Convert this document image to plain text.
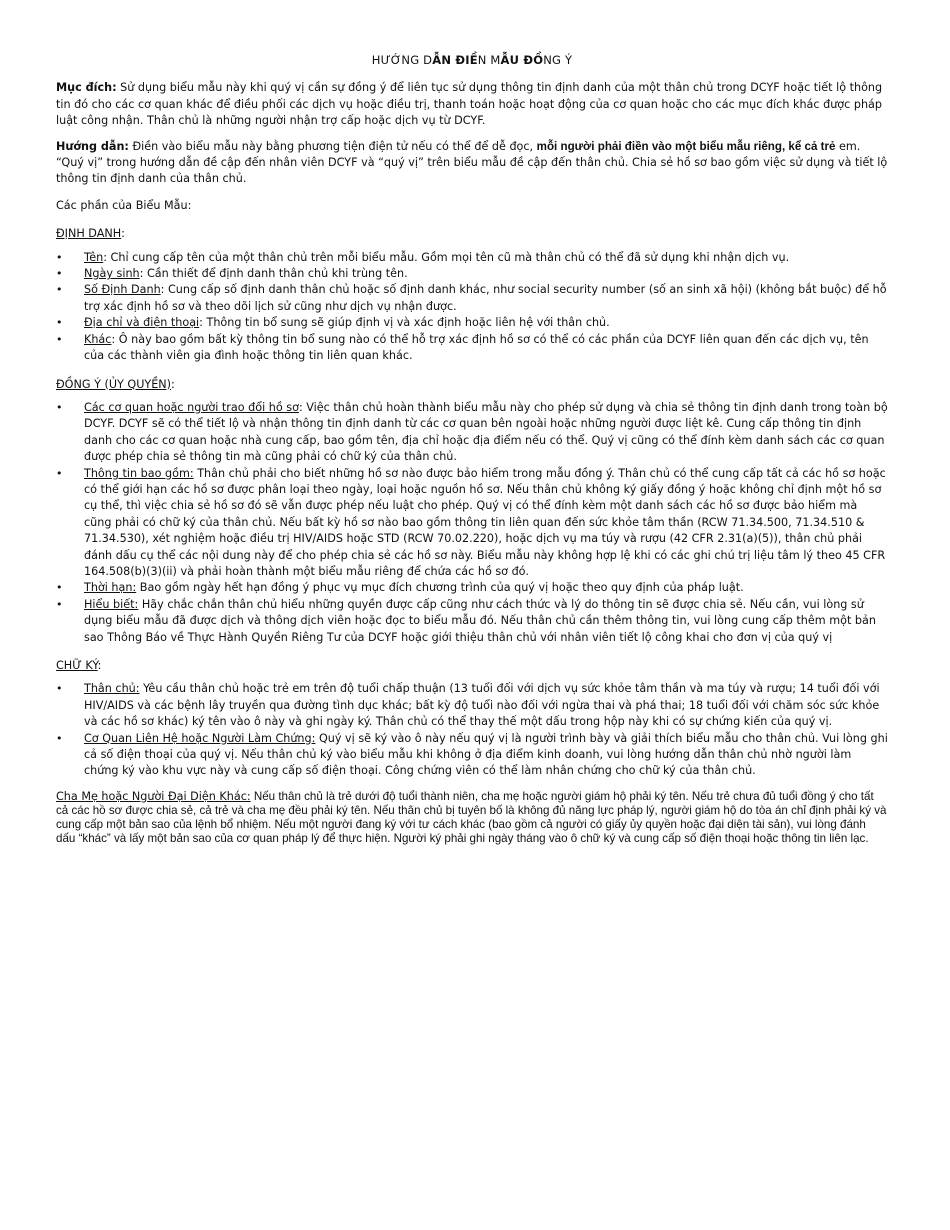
HƯỚNG DẪN ĐIỀN MẪU ĐỒNG Ý

Mục đích: Sử dụng biểu mẫu này khi quý vị cần sự đồng ý để liên tục sử dụng thông tin định danh của một thân chủ trong DCYF hoặc tiết lộ thông tin đó cho các cơ quan khác để điều phối các dịch vụ hoặc điều trị, thanh toán hoặc hoạt động của cơ quan hoặc cho các mục đích khác được pháp luật công nhận. Thân chủ là những người nhận trợ cấp hoặc dịch vụ từ DCYF.

Hướng dẫn: Điền vào biểu mẫu này bằng phương tiện điện tử nếu có thể để dễ đọc, mỗi người phải điền vào một biểu mẫu riêng, kể cả trẻ em. “Quý vị” trong hướng dẫn đề cập đến nhân viên DCYF và “quý vị” trên biểu mẫu đề cập đến thân chủ. Chia sẻ hồ sơ bao gồm việc sử dụng và tiết lộ thông tin định danh của thân chủ.

Các phần của Biểu Mẫu:

ĐỊNH DANH:
• Tên: Chỉ cung cấp tên của một thân chủ trên mỗi biểu mẫu. Gồm mọi tên cũ mà thân chủ có thể đã sử dụng khi nhận dịch vụ.
• Ngày sinh: Cần thiết để định danh thân chủ khi trùng tên.
• Số Định Danh: Cung cấp số định danh thân chủ hoặc số định danh khác, như social security number (số an sinh xã hội) (không bắt buộc) để hỗ trợ xác định hồ sơ và theo dõi lịch sử cũng như dịch vụ nhận được.
• Địa chỉ và điện thoại: Thông tin bổ sung sẽ giúp định vị và xác định hoặc liên hệ với thân chủ.
• Khác: Ô này bao gồm bất kỳ thông tin bổ sung nào có thể hỗ trợ xác định hồ sơ có thể có các phần của DCYF liên quan đến các dịch vụ, tên của các thành viên gia đình hoặc thông tin liên quan khác.
ĐỒNG Ý (ỦY QUYỀN):
• Các cơ quan hoặc người trao đổi hồ sơ: Việc thân chủ hoàn thành biểu mẫu này cho phép sử dụng và chia sẻ thông tin định danh trong toàn bộ DCYF. DCYF sẽ có thể tiết lộ và nhận thông tin định danh từ các cơ quan bên ngoài hoặc những người được liệt kê. Cung cấp thông tin định danh cho các cơ quan hoặc nhà cung cấp, bao gồm tên, địa chỉ hoặc địa điểm nếu có thể. Quý vị cũng có thể đính kèm danh sách các cơ quan được phép chia sẻ thông tin mà cũng phải có chữ ký của thân chủ.
• Thông tin bao gồm: Thân chủ phải cho biết những hồ sơ nào được bảo hiểm trong mẫu đồng ý. Thân chủ có thể cung cấp tất cả các hồ sơ hoặc có thể giới hạn các hồ sơ được phân loại theo ngày, loại hoặc nguồn hồ sơ. Nếu thân chủ không ký giấy đồng ý hoặc không chỉ định một hồ sơ cụ thể, thì việc chia sẻ hồ sơ đó sẽ vẫn được phép nếu luật cho phép. Quý vị có thể đính kèm một danh sách các hồ sơ được bảo hiểm mà cũng phải có chữ ký của thân chủ. Nếu bất kỳ hồ sơ nào bao gồm thông tin liên quan đến sức khỏe tâm thần (RCW 71.34.500, 71.34.510 & 71.34.530), xét nghiệm hoặc điều trị HIV/AIDS hoặc STD (RCW 70.02.220), hoặc dịch vụ ma túy và rượu (42 CFR 2.31(a)(5)), thân chủ phải đánh dấu cụ thể các nội dung này để cho phép chia sẻ các hồ sơ này. Biểu mẫu này không hợp lệ khi có các ghi chú trị liệu tâm lý theo 45 CFR 164.508(b)(3)(ii) và phải hoàn thành một biểu mẫu riêng để chứa các hồ sơ đó.
• Thời hạn: Bao gồm ngày hết hạn đồng ý phục vụ mục đích chương trình của quý vị hoặc theo quy định của pháp luật.
• Hiểu biết: Hãy chắc chắn thân chủ hiểu những quyền được cấp cũng như cách thức và lý do thông tin sẽ được chia sẻ. Nếu cần, vui lòng sử dụng biểu mẫu đã được dịch và thông dịch viên hoặc đọc to biểu mẫu đó. Nếu thân chủ cần thêm thông tin, vui lòng cung cấp thêm một bản sao Thông Báo về Thực Hành Quyền Riêng Tư của DCYF hoặc giới thiệu thân chủ với nhân viên tiết lộ công khai cho đơn vị của quý vị
CHỮ KÝ:
• Thân chủ: Yêu cầu thân chủ hoặc trẻ em trên độ tuổi chấp thuận (13 tuổi đối với dịch vụ sức khỏe tâm thần và ma túy và rượu; 14 tuổi đối với HIV/AIDS và các bệnh lây truyền qua đường tình dục khác; bất kỳ độ tuổi nào đối với ngừa thai và phá thai; 18 tuổi đối với chăm sóc sức khỏe và các hồ sơ khác) ký tên vào ô này và ghi ngày ký. Thân chủ có thể thay thế một dấu trong hộp này khi có sự chứng kiến của quý vị.
• Cơ Quan Liên Hệ hoặc Người Làm Chứng: Quý vị sẽ ký vào ô này nếu quý vị là người trình bày và giải thích biểu mẫu cho thân chủ. Vui lòng ghi cả số điện thoại của quý vị. Nếu thân chủ ký vào biểu mẫu khi không ở địa điểm kinh doanh, vui lòng hướng dẫn thân chủ nhờ người làm chứng ký vào khu vực này và cung cấp số điện thoại. Công chứng viên có thể làm nhân chứng cho chữ ký của thân chủ.

Cha Mẹ hoặc Người Đại Diện Khác: Nếu thân chủ là trẻ dưới độ tuổi thành niên, cha mẹ hoặc người giám hộ phải ký tên. Nếu trẻ chưa đủ tuổi đồng ý cho tất cả các hồ sơ được chia sẻ, cả trẻ và cha mẹ đều phải ký tên. Nếu thân chủ bị tuyên bố là không đủ năng lực pháp lý, người giám hộ do tòa án chỉ định phải ký và cung cấp một bản sao của lệnh bổ nhiệm. Nếu một người đang ký với tư cách khác (bao gồm cả người có giấy ủy quyền hoặc đại diện tài sản), vui lòng đánh dấu “khác” và lấy một bản sao của cơ quan pháp lý để thực hiện. Người ký phải ghi ngày tháng vào ô chữ ký và cung cấp số điện thoại hoặc thông tin liên lạc.
